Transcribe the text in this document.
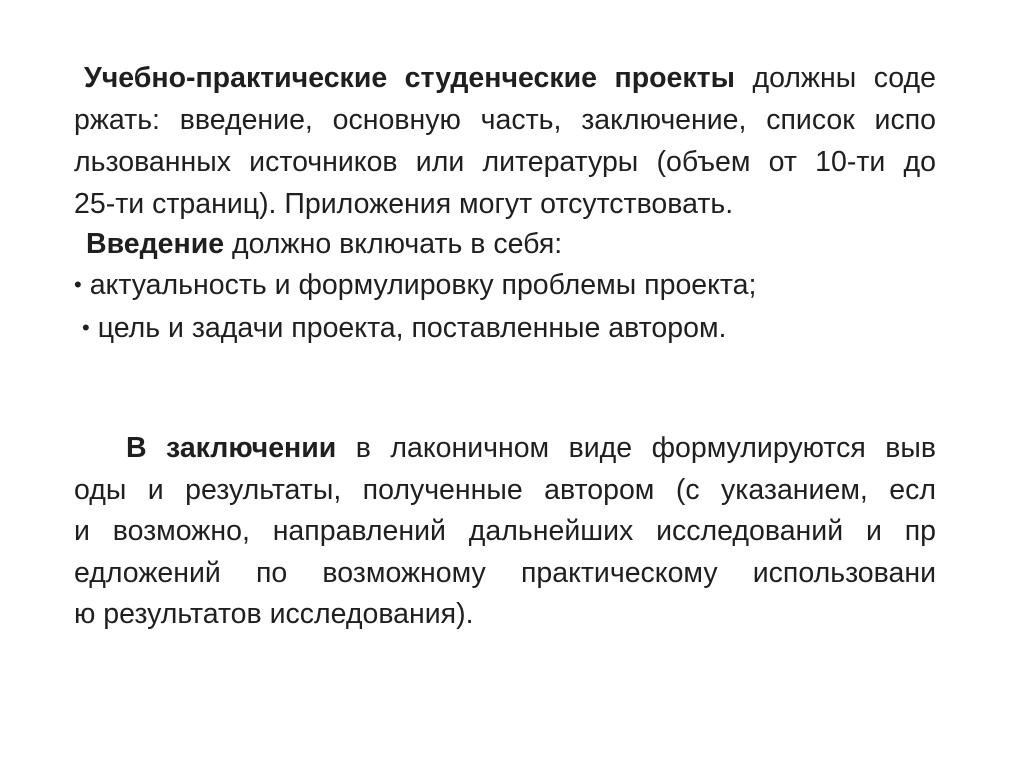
Учебно-практические студенческие проекты должны соде
ржать: введение, основную часть, заключение, список испо
льзованных источников или литературы (объем от 10-ти до
25-ти страниц). Приложения могут отсутствовать.
Введение должно включать в себя:
• актуальность и формулировку проблемы проекта;
• цель и задачи проекта, поставленные автором.
В заключении в лаконичном виде формулируются выв
оды и результаты, полученные автором (с указанием, есл
и возможно, направлений дальнейших исследований и пр
едложений по возможному практическому использовани
ю результатов исследования).
